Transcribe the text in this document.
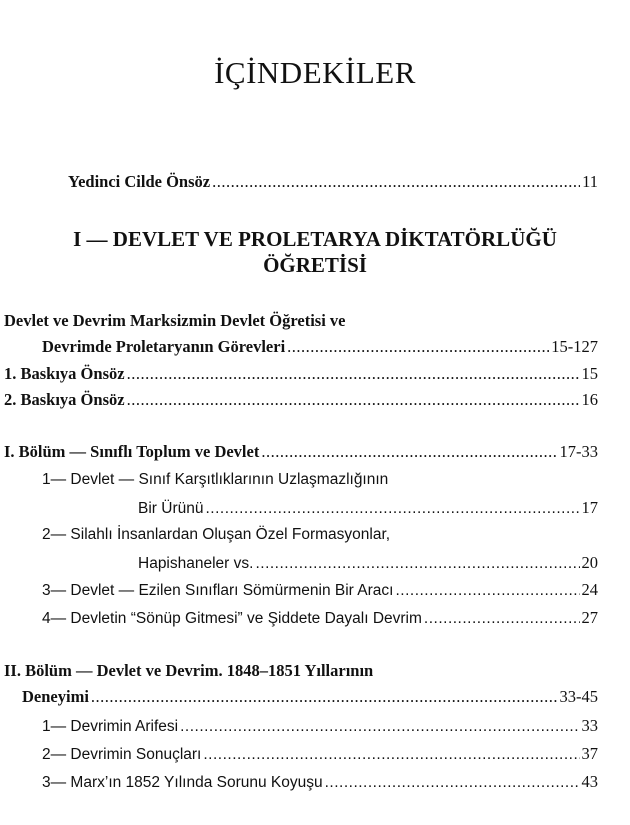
İÇİNDEKİLER
Yedinci Cilde Önsöz .....	11
I — DEVLET VE PROLETARYA DİKTATÖRLÜĞÜ
ÖĞRETİSİ
Devlet ve Devrim Marksizmin Devlet Öğretisi ve
Devrimde Proletaryanın Görevleri .....	15-127
1. Baskıya Önsöz .....	15
2. Baskıya Önsöz .....	16
I. Bölüm — Sınıflı Toplum ve Devlet .....	17-33
1— Devlet — Sınıf Karşıtlıklarının Uzlaşmazlığının
Bir Ürünü .....	17
2— Silahlı İnsanlardan Oluşan Özel Formasyonlar,
Hapishaneler vs. .....	20
3— Devlet — Ezilen Sınıfları Sömürmenin Bir Aracı .....	24
4— Devletin “Sönüp Gitmesi” ve Şiddete Dayalı Devrim .....	27
II. Bölüm — Devlet ve Devrim. 1848–1851 Yıllarının
Deneyimi .....	33-45
1— Devrimin Arifesi .....	33
2— Devrimin Sonuçları .....	37
3— Marx’ın 1852 Yılında Sorunu Koyuşu .....	43
